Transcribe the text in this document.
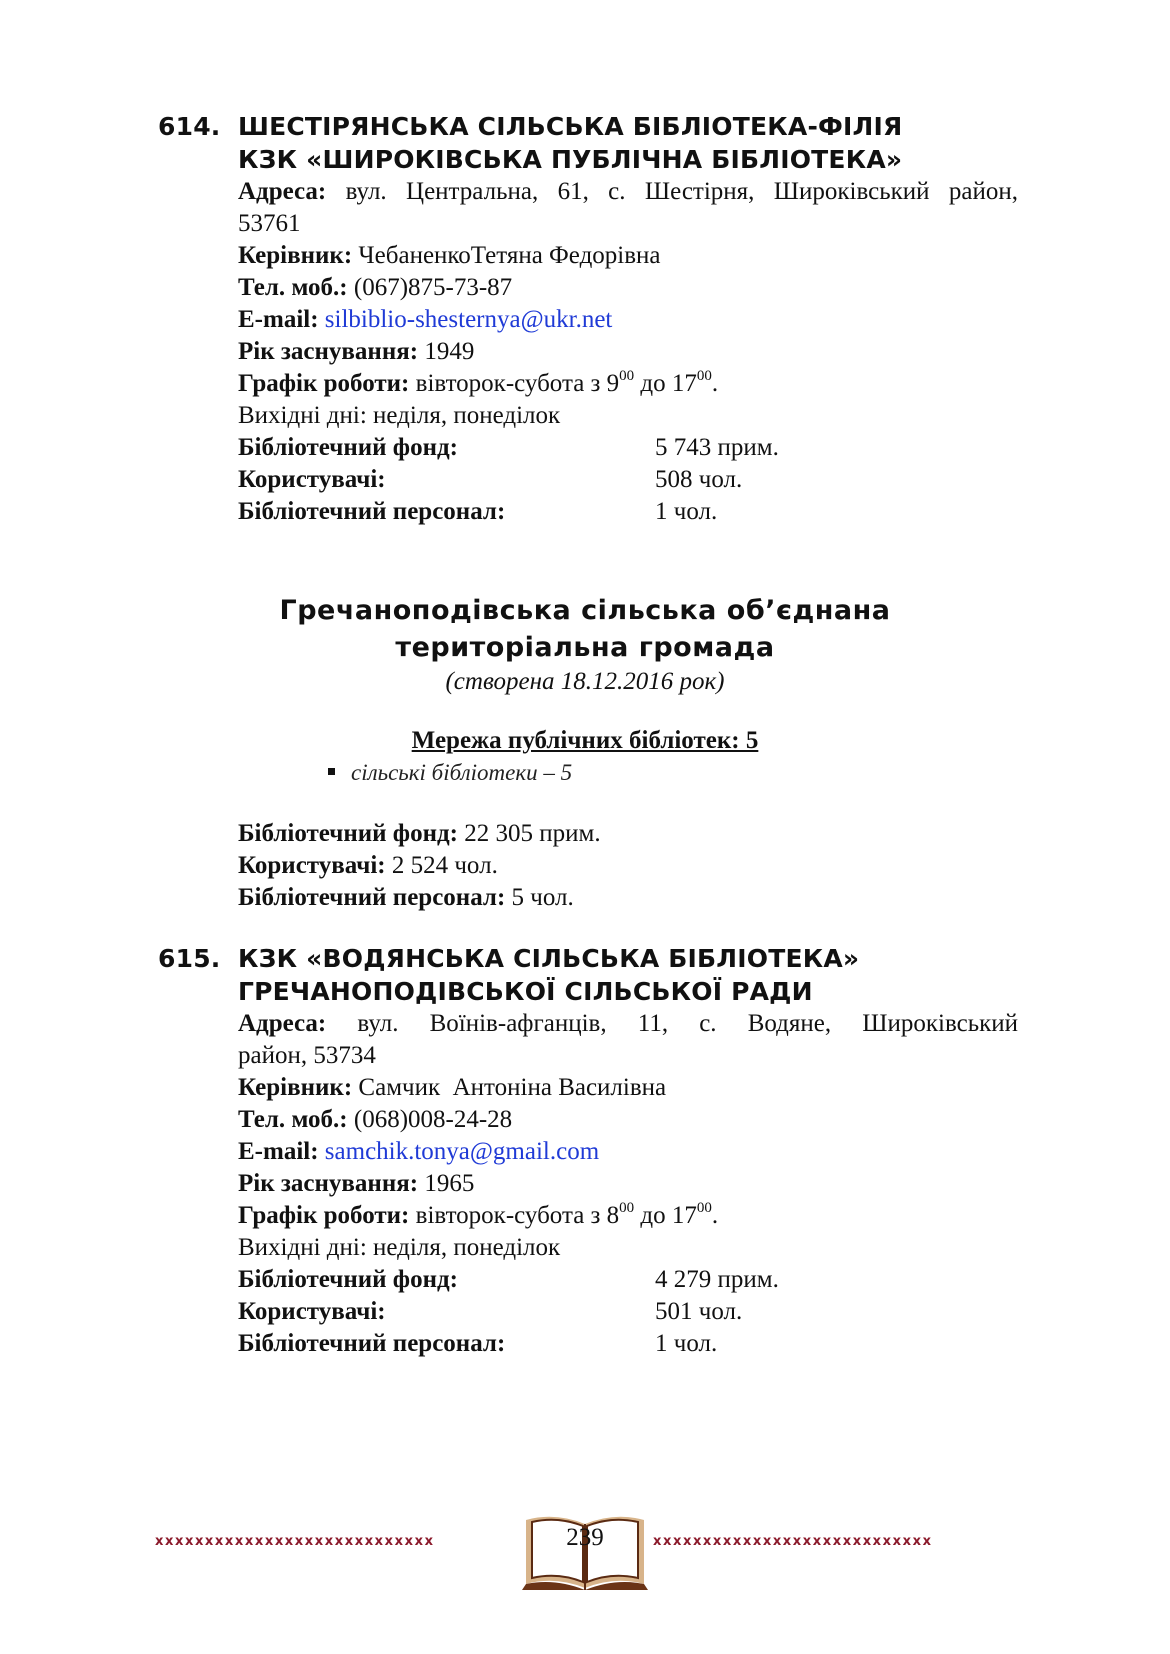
614. ШЕСТІРЯНСЬКА СІЛЬСЬКА БІБЛІОТЕКА-ФІЛІЯ
КЗК «ШИРОКІВСЬКА ПУБЛІЧНА БІБЛІОТЕКА»
Адреса: вул. Центральна, 61, с. Шестірня, Широківський район,
53761
Керівник: ЧебаненкоТетяна Федорівна
Тел. моб.: (067)875-73-87
E-mail: silbiblio-shesternya@ukr.net
Рік заснування: 1949
Графік роботи: вівторок-субота з $9^{00}$ до $17^{00}$.
Вихідні дні: неділя, понеділок
Бібліотечний фонд:	5 743 прим.
Користувачі:	508 чол.
Бібліотечний персонал:	1 чол.
Гречаноподівська сільська об’єднана
територіальна громада
(створена 18.12.2016 рок)
Мережа публічних бібліотек: 5
сільські бібліотеки – 5
Бібліотечний фонд: 22 305 прим.
Користувачі: 2 524 чол.
Бібліотечний персонал: 5 чол.
615. КЗК «ВОДЯНСЬКА СІЛЬСЬКА БІБЛІОТЕКА»
ГРЕЧАНОПОДІВСЬКОЇ СІЛЬСЬКОЇ РАДИ
Адреса: вул. Воїнів-афганців, 11, с. Водяне, Широківський
район, 53734
Керівник: Самчик  Антоніна Василівна
Тел. моб.: (068)008-24-28
E-mail: samchik.tonya@gmail.com
Рік заснування: 1965
Графік роботи: вівторок-субота з $8^{00}$ до $17^{00}$.
Вихідні дні: неділя, понеділок
Бібліотечний фонд:	4 279 прим.
Користувачі:	501 чол.
Бібліотечний персонал:	1 чол.
xxxxxxxxxxxxxxxxxxxxxxxxxxxx	xxxxxxxxxxxxxxxxxxxxxxxxxxxx
239
